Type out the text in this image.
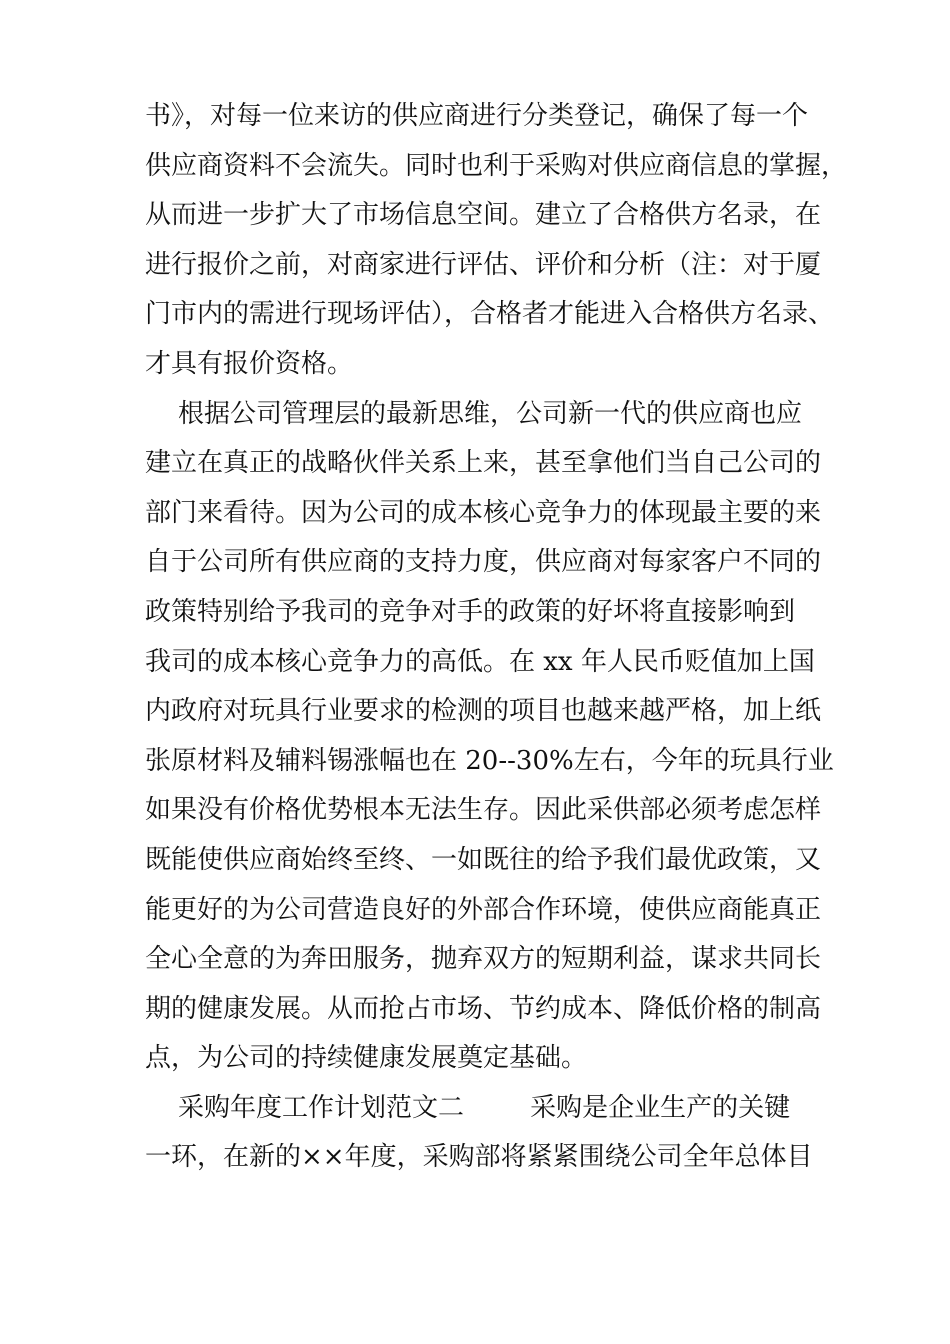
书》，对每一位来访的供应商进行分类登记，确保了每一个
供应商资料不会流失。同时也利于采购对供应商信息的掌握，
从而进一步扩大了市场信息空间。建立了合格供方名录，在
进行报价之前，对商家进行评估、评价和分析（注：对于厦
门市内的需进行现场评估），合格者才能进入合格供方名录、
才具有报价资格。
根据公司管理层的最新思维，公司新一代的供应商也应
建立在真正的战略伙伴关系上来，甚至拿他们当自己公司的
部门来看待。因为公司的成本核心竞争力的体现最主要的来
自于公司所有供应商的支持力度，供应商对每家客户不同的
政策特别给予我司的竞争对手的政策的好坏将直接影响到
我司的成本核心竞争力的高低。在 xx 年人民币贬值加上国
内政府对玩具行业要求的检测的项目也越来越严格，加上纸
张原材料及辅料锡涨幅也在 20--30%左右，今年的玩具行业
如果没有价格优势根本无法生存。因此采供部必须考虑怎样
既能使供应商始终至终、一如既往的给予我们最优政策，又
能更好的为公司营造良好的外部合作环境，使供应商能真正
全心全意的为奔田服务，抛弃双方的短期利益，谋求共同长
期的健康发展。从而抢占市场、节约成本、降低价格的制高
点，为公司的持续健康发展奠定基础。
采购年度工作计划范文二        采购是企业生产的关键
一环，在新的××年度，采购部将紧紧围绕公司全年总体目
